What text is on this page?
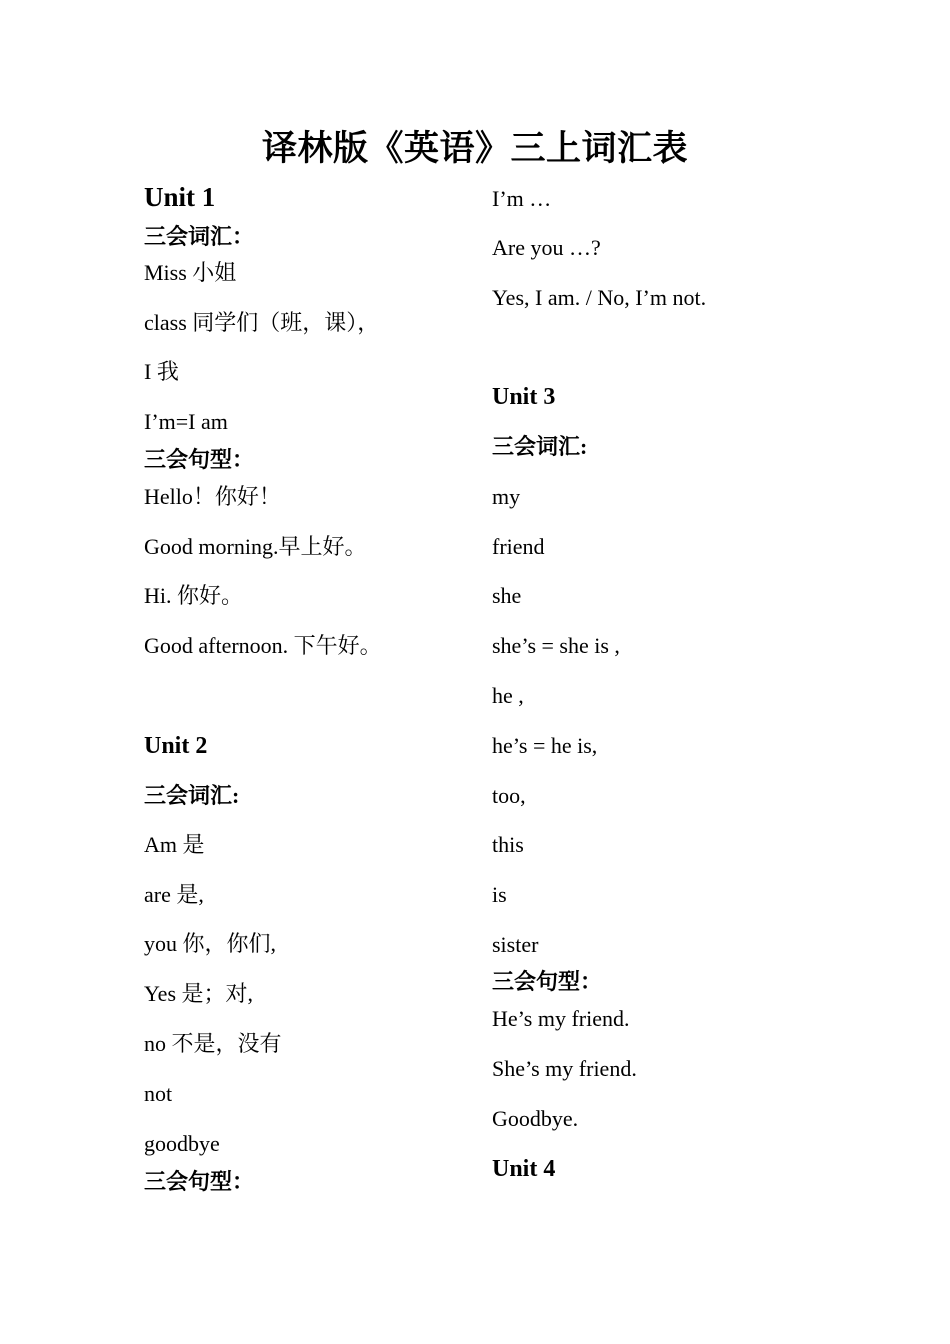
译林版《英语》三上词汇表
Unit 1
三会词汇：
Miss 小姐
class 同学们（班，课），
I 我
I’m=I am
三会句型：
Hello！你好！
Good morning.早上好。
Hi. 你好。
Good afternoon. 下午好。
Unit 2
三会词汇:
Am 是
are 是,
you 你，你们,
Yes 是；对,
no 不是，没有
not
goodbye
三会句型：
I’m …
Are you …?
Yes, I am. / No, I’m not.
Unit 3
三会词汇:
my
friend
she
she’s = she is ,
he ,
he’s = he is,
too,
this
is
sister
三会句型：
He’s my friend.
She’s my friend.
Goodbye.
Unit 4
